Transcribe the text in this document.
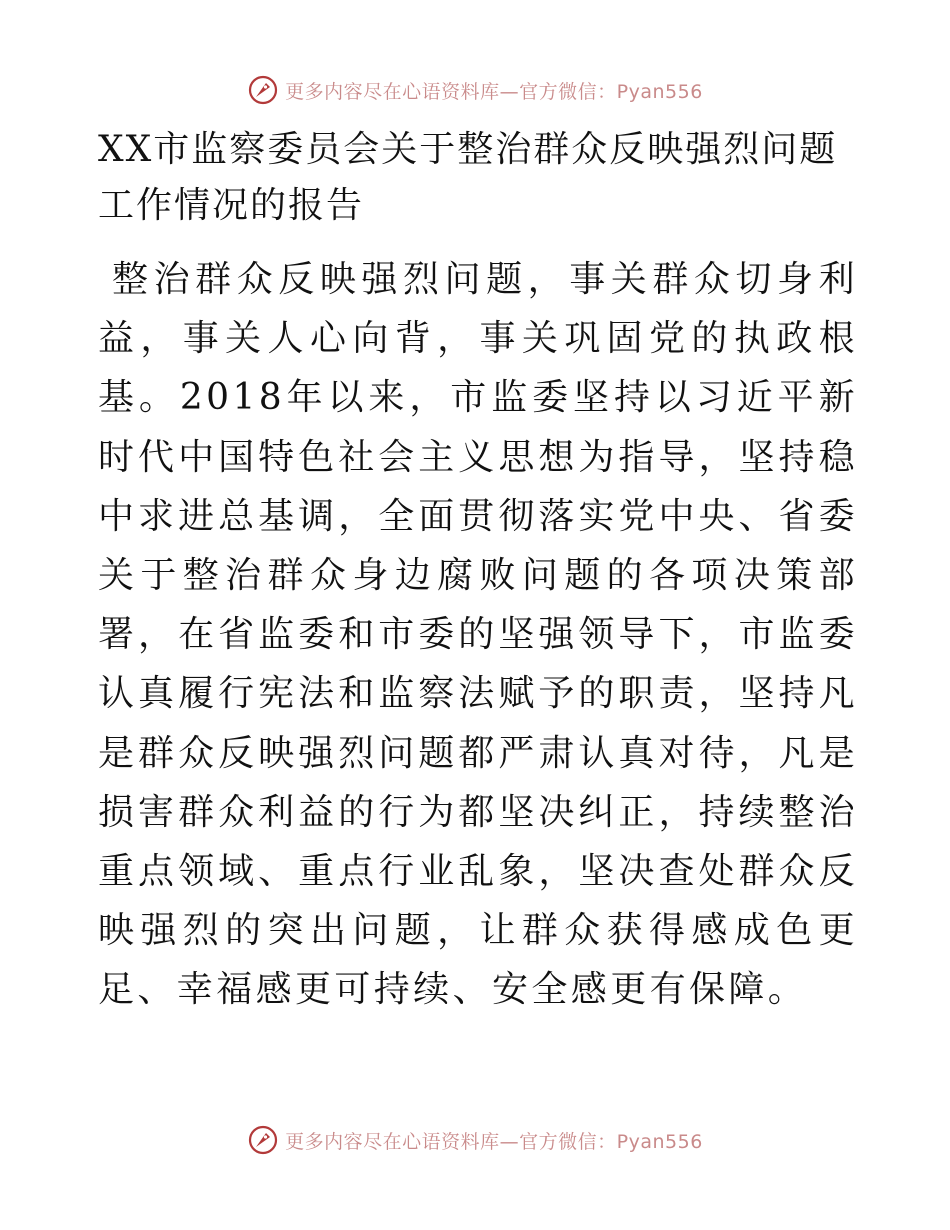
更多内容尽在心语资料库—官方微信：Pyan556
XX市监察委员会关于整治群众反映强烈问题工作情况的报告

整治群众反映强烈问题，事关群众切身利益，事关人心向背，事关巩固党的执政根基。2018年以来，市监委坚持以习近平新时代中国特色社会主义思想为指导，坚持稳中求进总基调，全面贯彻落实党中央、省委关于整治群众身边腐败问题的各项决策部署，在省监委和市委的坚强领导下，市监委认真履行宪法和监察法赋予的职责，坚持凡是群众反映强烈问题都严肃认真对待，凡是损害群众利益的行为都坚决纠正，持续整治重点领域、重点行业乱象，坚决查处群众反映强烈的突出问题，让群众获得感成色更足、幸福感更可持续、安全感更有保障。

更多内容尽在心语资料库—官方微信：Pyan556
